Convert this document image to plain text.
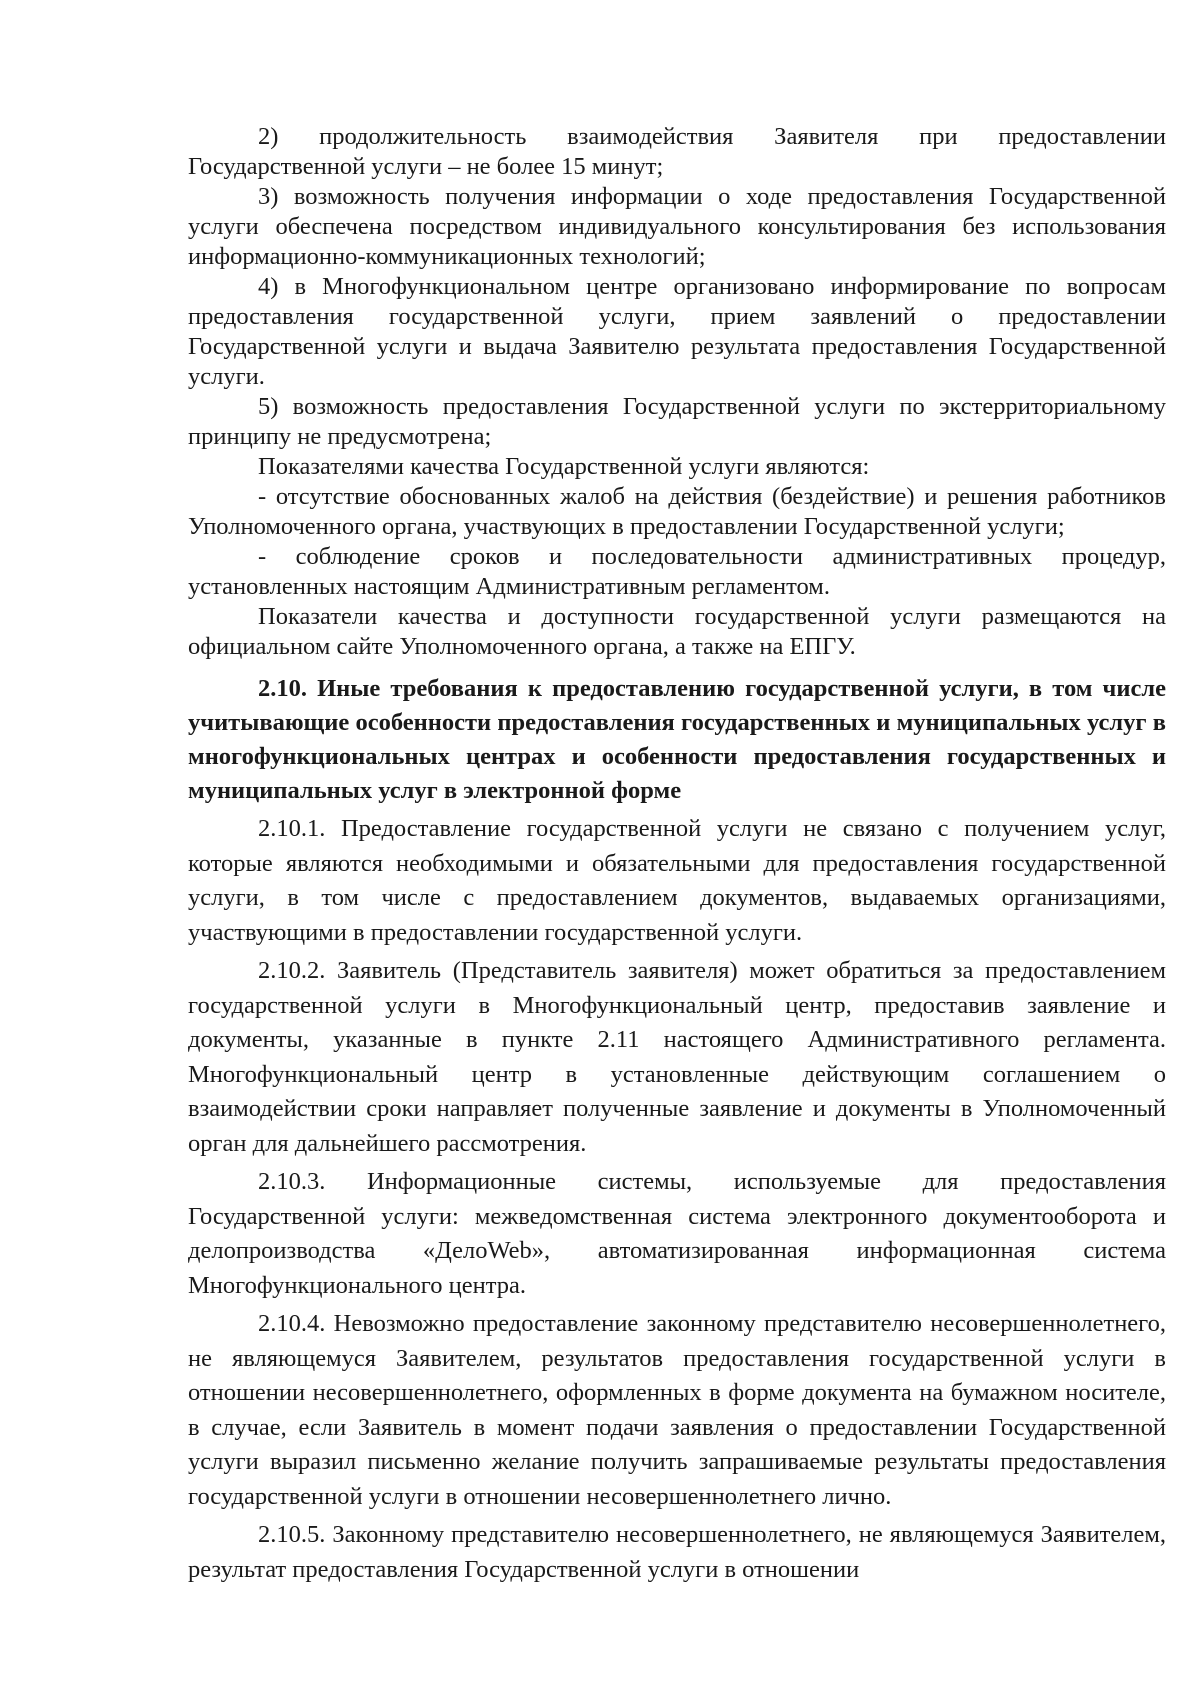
2) продолжительность взаимодействия Заявителя при предоставлении Государственной услуги – не более 15 минут;

3) возможность получения информации о ходе предоставления Государственной услуги обеспечена посредством индивидуального консультирования без использования информационно-коммуникационных технологий;

4) в Многофункциональном центре организовано информирование по вопросам предоставления государственной услуги, прием заявлений о предоставлении Государственной услуги и выдача Заявителю результата предоставления Государственной услуги.

5) возможность предоставления Государственной услуги по экстерриториальному принципу не предусмотрена;

Показателями качества Государственной услуги являются:

- отсутствие обоснованных жалоб на действия (бездействие) и решения работников Уполномоченного органа, участвующих в предоставлении Государственной услуги;

- соблюдение сроков и последовательности административных процедур, установленных настоящим Административным регламентом.

Показатели качества и доступности государственной услуги размещаются на официальном сайте Уполномоченного органа, а также на ЕПГУ.

2.10. Иные требования к предоставлению государственной услуги, в том числе учитывающие особенности предоставления государственных и муниципальных услуг в многофункциональных центрах и особенности предоставления государственных и муниципальных услуг в электронной форме

2.10.1. Предоставление государственной услуги не связано с получением услуг, которые являются необходимыми и обязательными для предоставления государственной услуги, в том числе с предоставлением документов, выдаваемых организациями, участвующими в предоставлении государственной услуги.

2.10.2. Заявитель (Представитель заявителя) может обратиться за предоставлением государственной услуги в Многофункциональный центр, предоставив заявление и документы, указанные в пункте 2.11 настоящего Административного регламента. Многофункциональный центр в установленные действующим соглашением о взаимодействии сроки направляет полученные заявление и документы в Уполномоченный орган для дальнейшего рассмотрения.

2.10.3. Информационные системы, используемые для предоставления Государственной услуги: межведомственная система электронного документооборота и делопроизводства «ДелоWeb», автоматизированная информационная система Многофункционального центра.

2.10.4. Невозможно предоставление законному представителю несовершеннолетнего, не являющемуся Заявителем, результатов предоставления государственной услуги в отношении несовершеннолетнего, оформленных в форме документа на бумажном носителе, в случае, если Заявитель в момент подачи заявления о предоставлении Государственной услуги выразил письменно желание получить запрашиваемые результаты предоставления государственной услуги в отношении несовершеннолетнего лично.

2.10.5. Законному представителю несовершеннолетнего, не являющемуся Заявителем, результат предоставления Государственной услуги в отношении
